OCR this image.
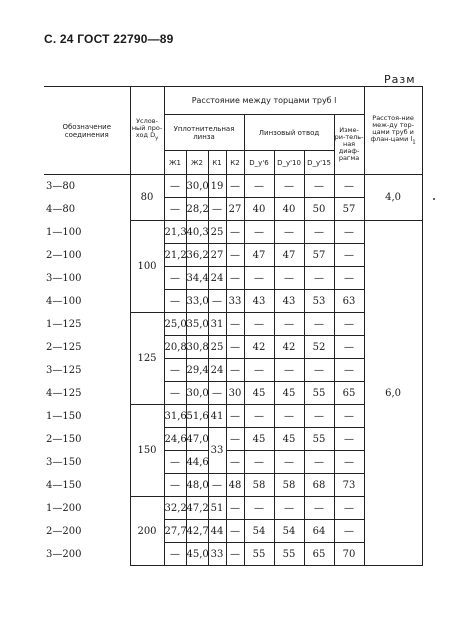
С. 24 ГОСТ 22790—89
Разм
Обозначение соединения	Услов-ный про-ход $D_у$	Расстояние между торцами труб l								Расстоя-ние меж-ду тор-цами труб и флан-цами $l_1$
		Уплотнительная линза				Линзовый отвод			Изме-ри-тель-ная диаф-рагма	
		Ж1	Ж2	К1	К2	D_y'6	D_y'10	D_y'15		
3—80	80	—	30,0	19	—	—	—	—	—	4,0
4—80		—	28,2	—	27	40	40	50	57	
1—100	100	21,3	40,3	25	—	—	—	—	—	6,0
2—100		21,2	36,2	27	—	47	47	57	—	
3—100		—	34,4	24	—	—	—	—	—	
4—100		—	33,0	—	33	43	43	53	63	
1—125	125	25,0	35,0	31	—	—	—	—	—	
2—125		20,8	30,8	25	—	42	42	52	—	
3—125		—	29,4	24	—	—	—	—	—	
4—125		—	30,0	—	30	45	45	55	65	
1—150	150	31,6	51,6	41	—	—	—	—	—	
2—150		24,6	47,0	33	—	45	45	55	—	
3—150		—	44,6		—	—	—	—	—	
4—150		—	48,0	—	48	58	58	68	73	
1—200	200	32,2	47,2	51	—	—	—	—	—	
2—200		27,7	42,7	44	—	54	54	64	—	
3—200		—	45,0	33	—	55	55	65	70	
